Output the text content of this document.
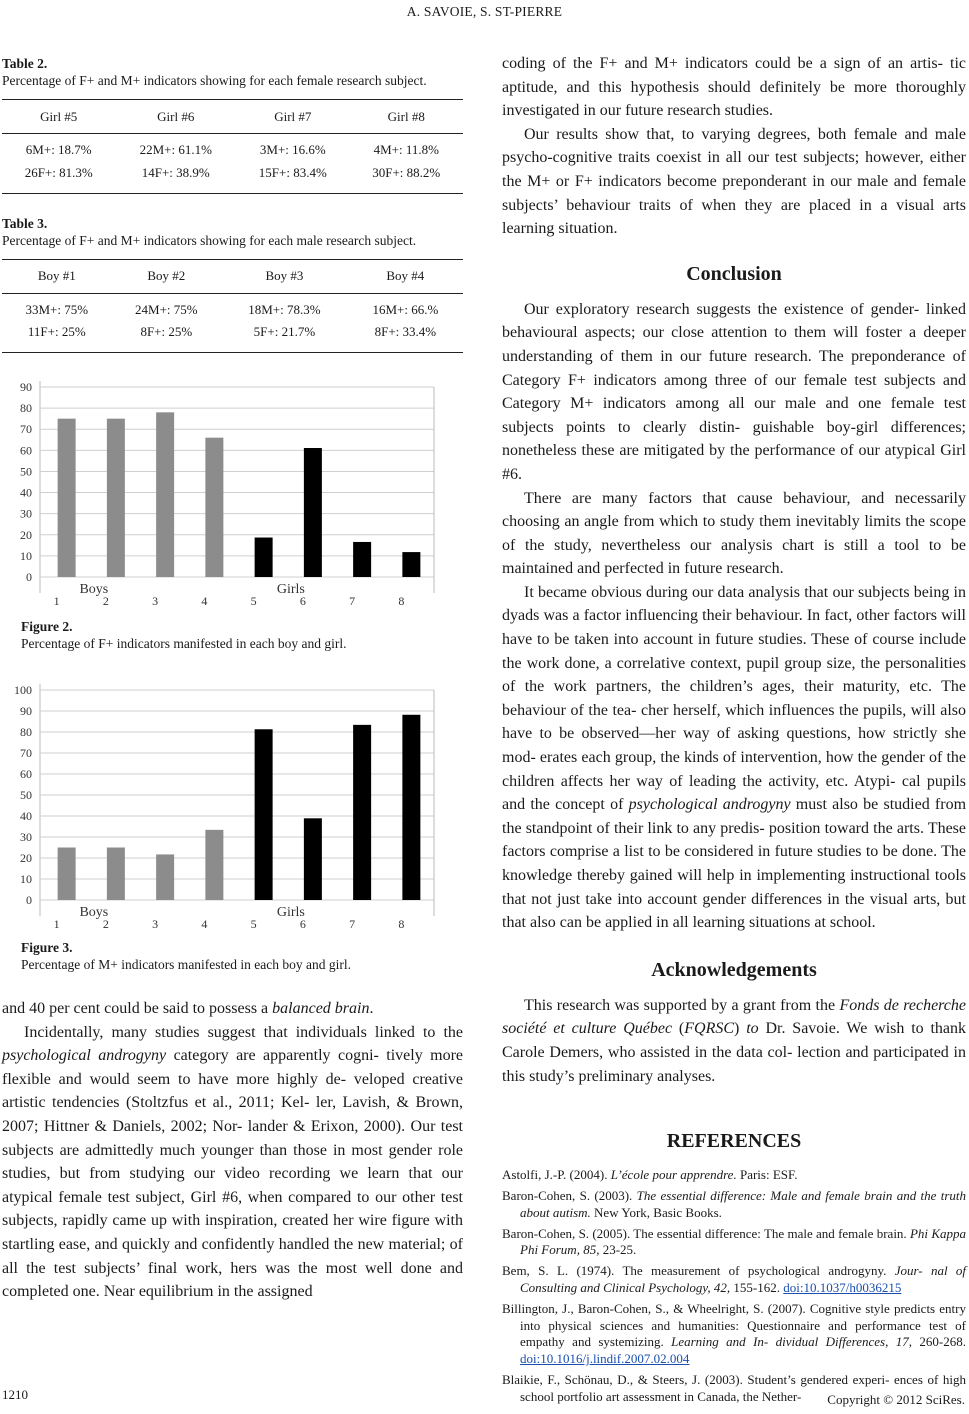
A. SAVOIE, S. ST-PIERRE
Table 2.
Percentage of F+ and M+ indicators showing for each female research subject.
Girl #5	Girl #6	Girl #7	Girl #8
6M+: 18.7%	22M+: 61.1%	3M+: 16.6%	4M+: 11.8%
26F+: 81.3%	14F+: 38.9%	15F+: 83.4%	30F+: 88.2%
Table 3.
Percentage of F+ and M+ indicators showing for each male research subject.
Boy #1	Boy #2	Boy #3	Boy #4
33M+: 75%	24M+: 75%	18M+: 78.3%	16M+: 66.%
11F+: 25%	8F+: 25%	5F+: 21.7%	8F+: 33.4%
0
10
20
30
40
50
60
70
80
90
1	2	3	4	5	6	7	8
Boys	Girls
Figure 2.
Percentage of F+ indicators manifested in each boy and girl.
0
10
20
30
40
50
60
70
80
90
100
1	2	3	4	5	6	7	8
Boys	Girls
Figure 3.
Percentage of M+ indicators manifested in each boy and girl.

and 40 per cent could be said to possess a balanced brain.

Incidentally, many studies suggest that individuals linked to the psychological androgyny category are apparently cogni- tively more flexible and would seem to have more highly de- veloped creative artistic tendencies (Stoltzfus et al., 2011; Kel- ler, Lavish, & Brown, 2007; Hittner & Daniels, 2002; Nor- lander & Erixon, 2000). Our test subjects are admittedly much younger than those in most gender role studies, but from studying our video recording we learn that our atypical female test subject, Girl #6, when compared to our other test subjects, rapidly came up with inspiration, created her wire figure with startling ease, and quickly and confidently handled the new material; of all the test subjects’ final work, hers was the most well done and completed one. Near equilibrium in the assigned

coding of the F+ and M+ indicators could be a sign of an artis- tic aptitude, and this hypothesis should definitely be more thoroughly investigated in our future research studies.

Our results show that, to varying degrees, both female and male psycho-cognitive traits coexist in all our test subjects; however, either the M+ or F+ indicators become preponderant in our male and female subjects’ behaviour traits of when they are placed in a visual arts learning situation.

Conclusion

Our exploratory research suggests the existence of gender- linked behavioural aspects; our close attention to them will foster a deeper understanding of them in our future research. The preponderance of Category F+ indicators among three of our female test subjects and Category M+ indicators among all our male and one female test subjects points to clearly distin- guishable boy-girl differences; nonetheless these are mitigated by the performance of our atypical Girl #6.

There are many factors that cause behaviour, and necessarily choosing an angle from which to study them inevitably limits the scope of the study, nevertheless our analysis chart is still a tool to be maintained and perfected in future research.

It became obvious during our data analysis that our subjects being in dyads was a factor influencing their behaviour. In fact, other factors will have to be taken into account in future studies. These of course include the work done, a correlative context, pupil group size, the personalities of the work partners, the children’s ages, their maturity, etc. The behaviour of the tea- cher herself, which influences the pupils, will also have to be observed—her way of asking questions, how strictly she mod- erates each group, the kinds of intervention, how the gender of the children affects her way of leading the activity, etc. Atypi- cal pupils and the concept of psychological androgyny must also be studied from the standpoint of their link to any predis- position toward the arts. These factors comprise a list to be considered in future studies to be done. The knowledge thereby gained will help in implementing instructional tools that not just take into account gender differences in the visual arts, but that also can be applied in all learning situations at school.

Acknowledgements

This research was supported by a grant from the Fonds de recherche société et culture Québec (FQRSC) to Dr. Savoie. We wish to thank Carole Demers, who assisted in the data col- lection and participated in this study’s preliminary analyses.

REFERENCES
Astolfi, J.-P. (2004). L’école pour apprendre. Paris: ESF.
Baron-Cohen, S. (2003). The essential difference: Male and female brain and the truth about autism. New York, Basic Books.
Baron-Cohen, S. (2005). The essential difference: The male and female brain. Phi Kappa Phi Forum, 85, 23-25.
Bem, S. L. (1974). The measurement of psychological androgyny. Jour- nal of Consulting and Clinical Psychology, 42, 155-162. doi:10.1037/h0036215
Billington, J., Baron-Cohen, S., & Wheelright, S. (2007). Cognitive style predicts entry into physical sciences and humanities: Questionnaire and performance test of empathy and systemizing. Learning and In- dividual Differences, 17, 260-268. doi:10.1016/j.lindif.2007.02.004
Blaikie, F., Schönau, D., & Steers, J. (2003). Student’s gendered experi- ences of high school portfolio art assessment in Canada, the Nether-
1210	Copyright © 2012 SciRes.
